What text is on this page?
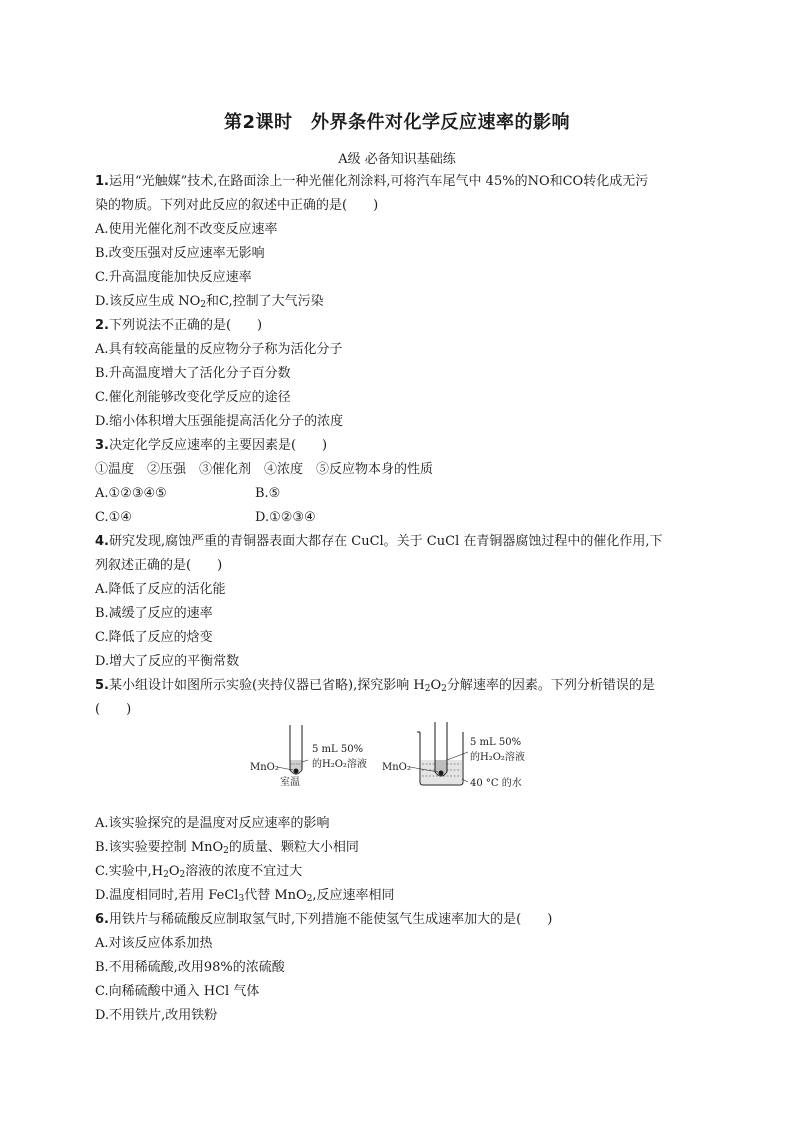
第2课时　外界条件对化学反应速率的影响
A级 必备知识基础练
1.运用“光触媒”技术,在路面涂上一种光催化剂涂料,可将汽车尾气中 45%的NO和CO转化成无污
染的物质。下列对此反应的叙述中正确的是(　　)
A.使用光催化剂不改变反应速率
B.改变压强对反应速率无影响
C.升高温度能加快反应速率
D.该反应生成 $NO_2$和C,控制了大气污染
2.下列说法不正确的是(　　)
A.具有较高能量的反应物分子称为活化分子
B.升高温度增大了活化分子百分数
C.催化剂能够改变化学反应的途径
D.缩小体积增大压强能提高活化分子的浓度
3.决定化学反应速率的主要因素是(　　)
①温度　②压强　③催化剂　④浓度　⑤反应物本身的性质
A.①②③④⑤	B.⑤
C.①④	D.①②③④
4.研究发现,腐蚀严重的青铜器表面大都存在 CuCl。关于 CuCl 在青铜器腐蚀过程中的催化作用,下
列叙述正确的是(　　)
A.降低了反应的活化能
B.减缓了反应的速率
C.降低了反应的焓变
D.增大了反应的平衡常数
5.某小组设计如图所示实验(夹持仪器已省略),探究影响 $H_2O_2$分解速率的因素。下列分析错误的是
(　　)
MnO₂
5 mL 50%
的H₂O₂溶液
室温
MnO₂
5 mL 50%
的H₂O₂溶液
40 °C 的水
A.该实验探究的是温度对反应速率的影响
B.该实验要控制 MnO$_2$的质量、颗粒大小相同
C.实验中$,H_2O_2$溶液的浓度不宜过大
D.温度相同时,若用 FeCl$_3$代替 MnO$_2$,反应速率相同
6.用铁片与稀硫酸反应制取氢气时,下列措施不能使氢气生成速率加大的是(　　)
A.对该反应体系加热
B.不用稀硫酸,改用98%的浓硫酸
C.向稀硫酸中通入 HCl 气体
D.不用铁片,改用铁粉
